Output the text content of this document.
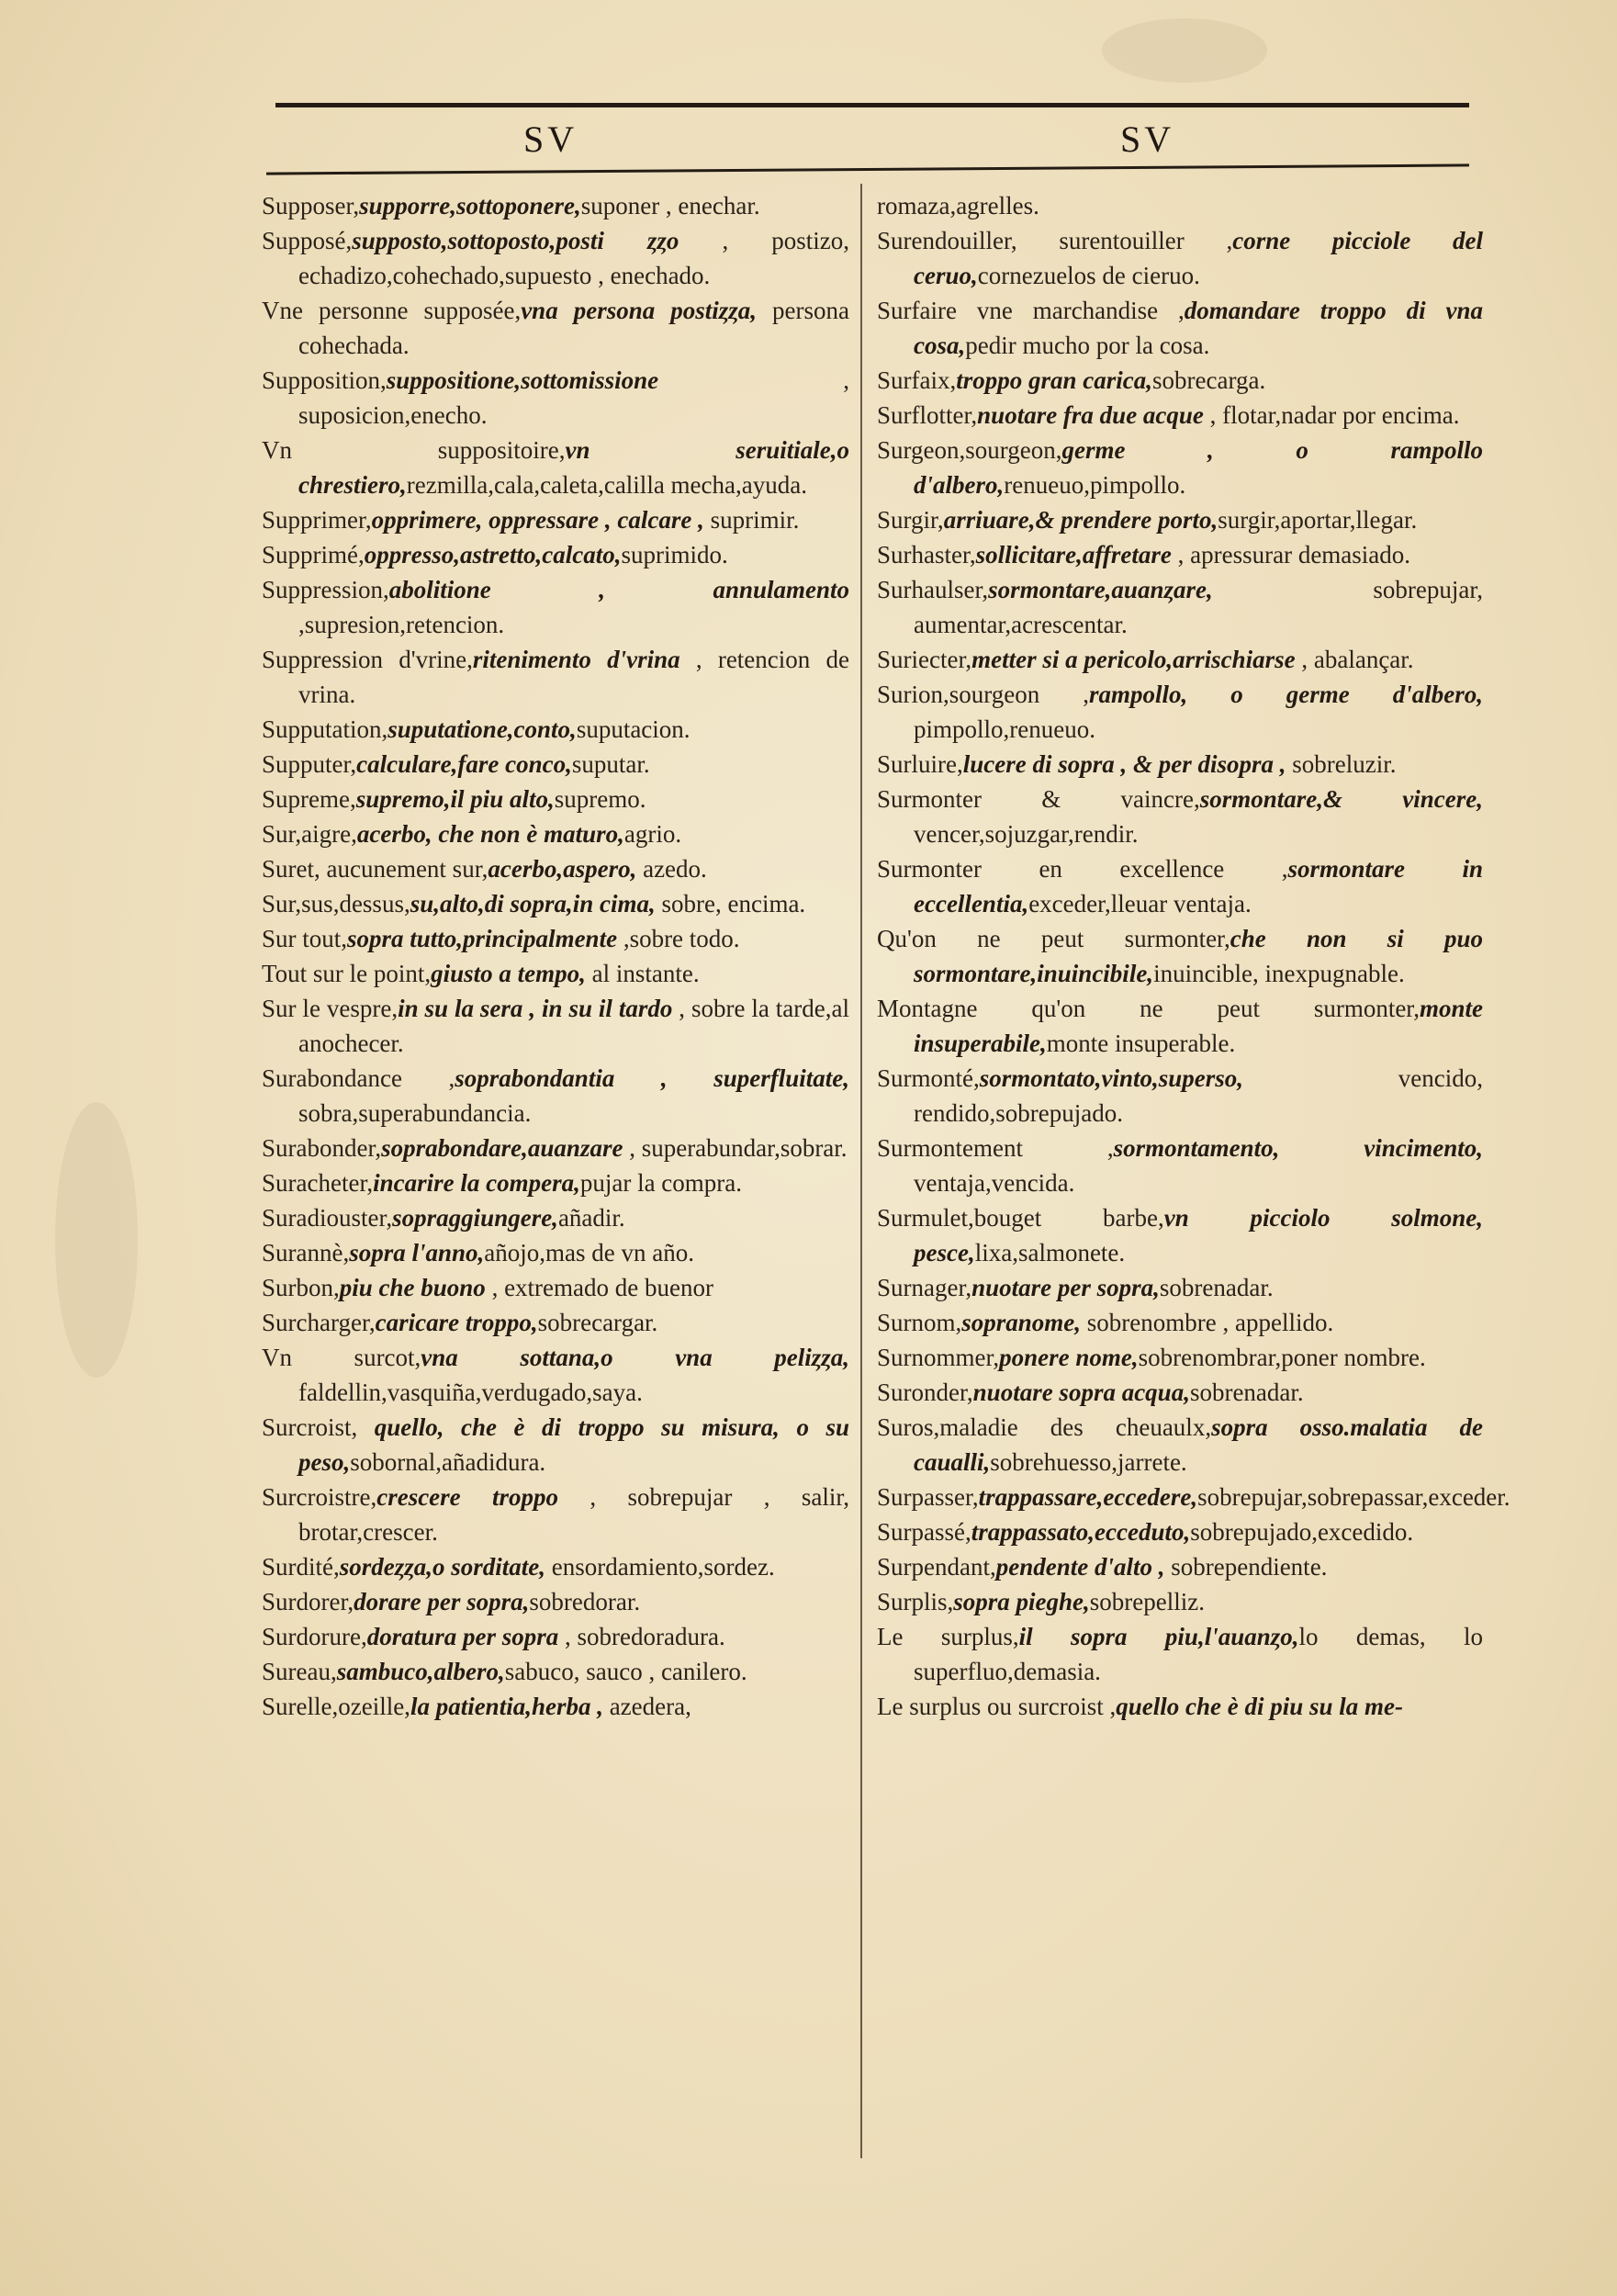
SV	SV

Supposer,supporre,sottoponere,suponer , enechar.

Supposé,supposto,sottoposto,posti ȥȥo , postizo, echadizo,cohechado,supuesto , enechado.

Vne personne supposée,vna persona postiȥȥa, persona cohechada.

Supposition,suppositione,sottomissione , suposicion,enecho.

Vn suppositoire,vn seruitiale,o chrestiero,rezmilla,cala,caleta,calilla mecha,ayuda.

Supprimer,opprimere, oppressare , calcare , suprimir.

Supprimé,oppresso,astretto,calcato,suprimido.

Suppression,abolitione , annulamento ,supresion,retencion.

Suppression d'vrine,ritenimento d'vrina , retencion de vrina.

Supputation,suputatione,conto,suputacion.

Supputer,calculare,fare conco,suputar.

Supreme,supremo,il piu alto,supremo.

Sur,aigre,acerbo, che non è maturo,agrio.

Suret, aucunement sur,acerbo,aspero, azedo.

Sur,sus,dessus,su,alto,di sopra,in cima, sobre, encima.

Sur tout,sopra tutto,principalmente ,sobre todo.

Tout sur le point,giusto a tempo, al instante.

Sur le vespre,in su la sera , in su il tardo , sobre la tarde,al anochecer.

Surabondance ,soprabondantia , superfluitate, sobra,superabundancia.

Surabonder,soprabondare,auanzare , superabundar,sobrar.

Suracheter,incarire la compera,pujar la compra.

Suradiouster,sopraggiungere,añadir.

Surannè,sopra l'anno,añojo,mas de vn año.

Surbon,piu che buono , extremado de buenor

Surcharger,caricare troppo,sobrecargar.

Vn surcot,vna sottana,o vna peliȥȥa, faldellin,vasquiña,verdugado,saya.

Surcroist, quello, che è di troppo su misura, o su peso,sobornal,añadidura.

Surcroistre,crescere troppo , sobrepujar , salir, brotar,crescer.

Surdité,sordeȥȥa,o sorditate, ensordamiento,sordez.

Surdorer,dorare per sopra,sobredorar.

Surdorure,doratura per sopra , sobredoradura.

Sureau,sambuco,albero,sabuco, sauco , canilero.

Surelle,ozeille,la patientia,herba , azedera,

romaza,agrelles.

Surendouiller, surentouiller ,corne picciole del ceruo,cornezuelos de cieruo.

Surfaire vne marchandise ,domandare troppo di vna cosa,pedir mucho por la cosa.

Surfaix,troppo gran carica,sobrecarga.

Surflotter,nuotare fra due acque , flotar,nadar por encima.

Surgeon,sourgeon,germe , o rampollo d'albero,renueuo,pimpollo.

Surgir,arriuare,& prendere porto,surgir,aportar,llegar.

Surhaster,sollicitare,affretare , apressurar demasiado.

Surhaulser,sormontare,auanȥare, sobrepujar, aumentar,acrescentar.

Suriecter,metter si a pericolo,arrischiarse , abalançar.

Surion,sourgeon ,rampollo, o germe d'albero, pimpollo,renueuo.

Surluire,lucere di sopra , & per disopra , sobreluzir.

Surmonter & vaincre,sormontare,& vincere, vencer,sojuzgar,rendir.

Surmonter en excellence ,sormontare in eccellentia,exceder,lleuar ventaja.

Qu'on ne peut surmonter,che non si puo sormontare,inuincibile,inuincible, inexpugnable.

Montagne qu'on ne peut surmonter,monte insuperabile,monte insuperable.

Surmonté,sormontato,vinto,superso, vencido, rendido,sobrepujado.

Surmontement ,sormontamento, vincimento, ventaja,vencida.

Surmulet,bouget barbe,vn picciolo solmone, pesce,lixa,salmonete.

Surnager,nuotare per sopra,sobrenadar.

Surnom,sopranome, sobrenombre , appellido.

Surnommer,ponere nome,sobrenombrar,poner nombre.

Suronder,nuotare sopra acqua,sobrenadar.

Suros,maladie des cheuaulx,sopra osso.malatia de caualli,sobrehuesso,jarrete.

Surpasser,trappassare,eccedere,sobrepujar,sobrepassar,exceder.

Surpassé,trappassato,ecceduto,sobrepujado,excedido.

Surpendant,pendente d'alto , sobrependiente.

Surplis,sopra pieghe,sobrepelliz.

Le surplus,il sopra piu,l'auanȥo,lo demas, lo superfluo,demasia.

Le surplus ou surcroist ,quello che è di piu su la me-
